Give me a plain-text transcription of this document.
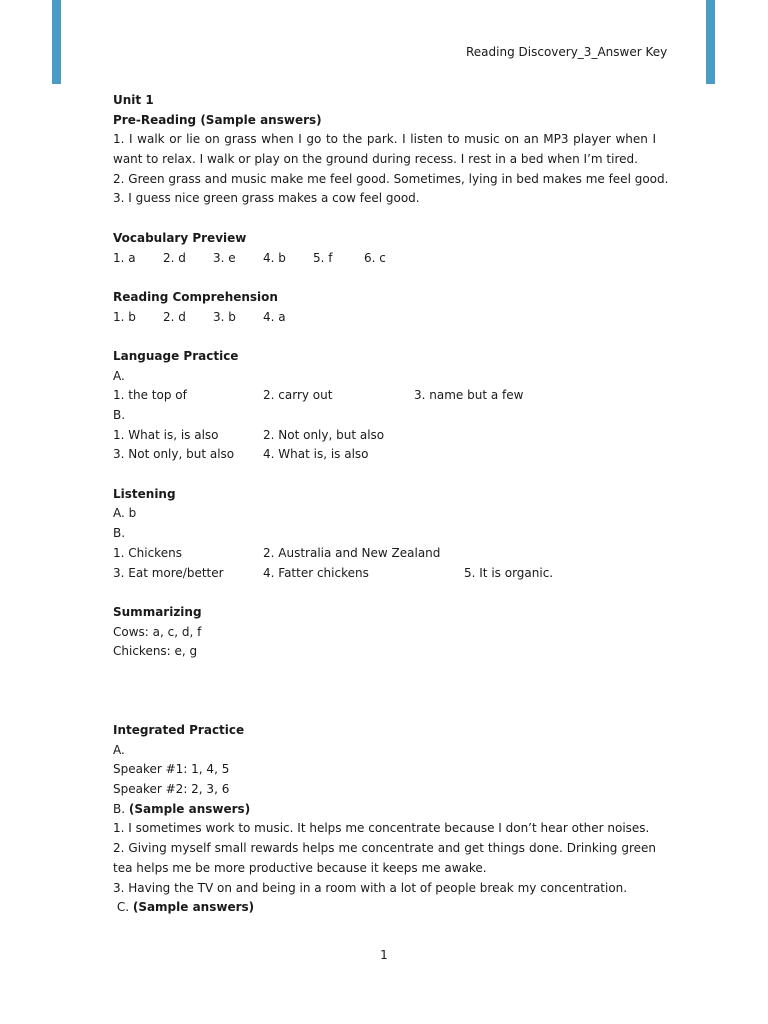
Reading Discovery_3_Answer Key
Unit 1
Pre-Reading (Sample answers)
1. I walk or lie on grass when I go to the park. I listen to music on an MP3 player when I want to relax. I walk or play on the ground during recess. I rest in a bed when I’m tired.
2. Green grass and music make me feel good. Sometimes, lying in bed makes me feel good.
3. I guess nice green grass makes a cow feel good.
Vocabulary Preview
1. a 2. d 3. e 4. b 5. f	6. c
Reading Comprehension
1. b 2. d 3. b 4. a
Language Practice
A.
1. the top of	2. carry out	3. name but a few
B.
1. What is, is also	2. Not only, but also
3. Not only, but also 4. What is, is also
Listening
A. b
B.
1. Chickens	2. Australia and New Zealand
3. Eat more/better	4. Fatter chickens	5. It is organic.
Summarizing
Cows: a, c, d, f
Chickens: e, g
Integrated Practice
A.
Speaker #1: 1, 4, 5
Speaker #2: 2, 3, 6
B. (Sample answers)
1. I sometimes work to music. It helps me concentrate because I don’t hear other noises.
2. Giving myself small rewards helps me concentrate and get things done. Drinking green tea helps me be more productive because it keeps me awake.
3. Having the TV on and being in a room with a lot of people break my concentration.
C. (Sample answers)
1
